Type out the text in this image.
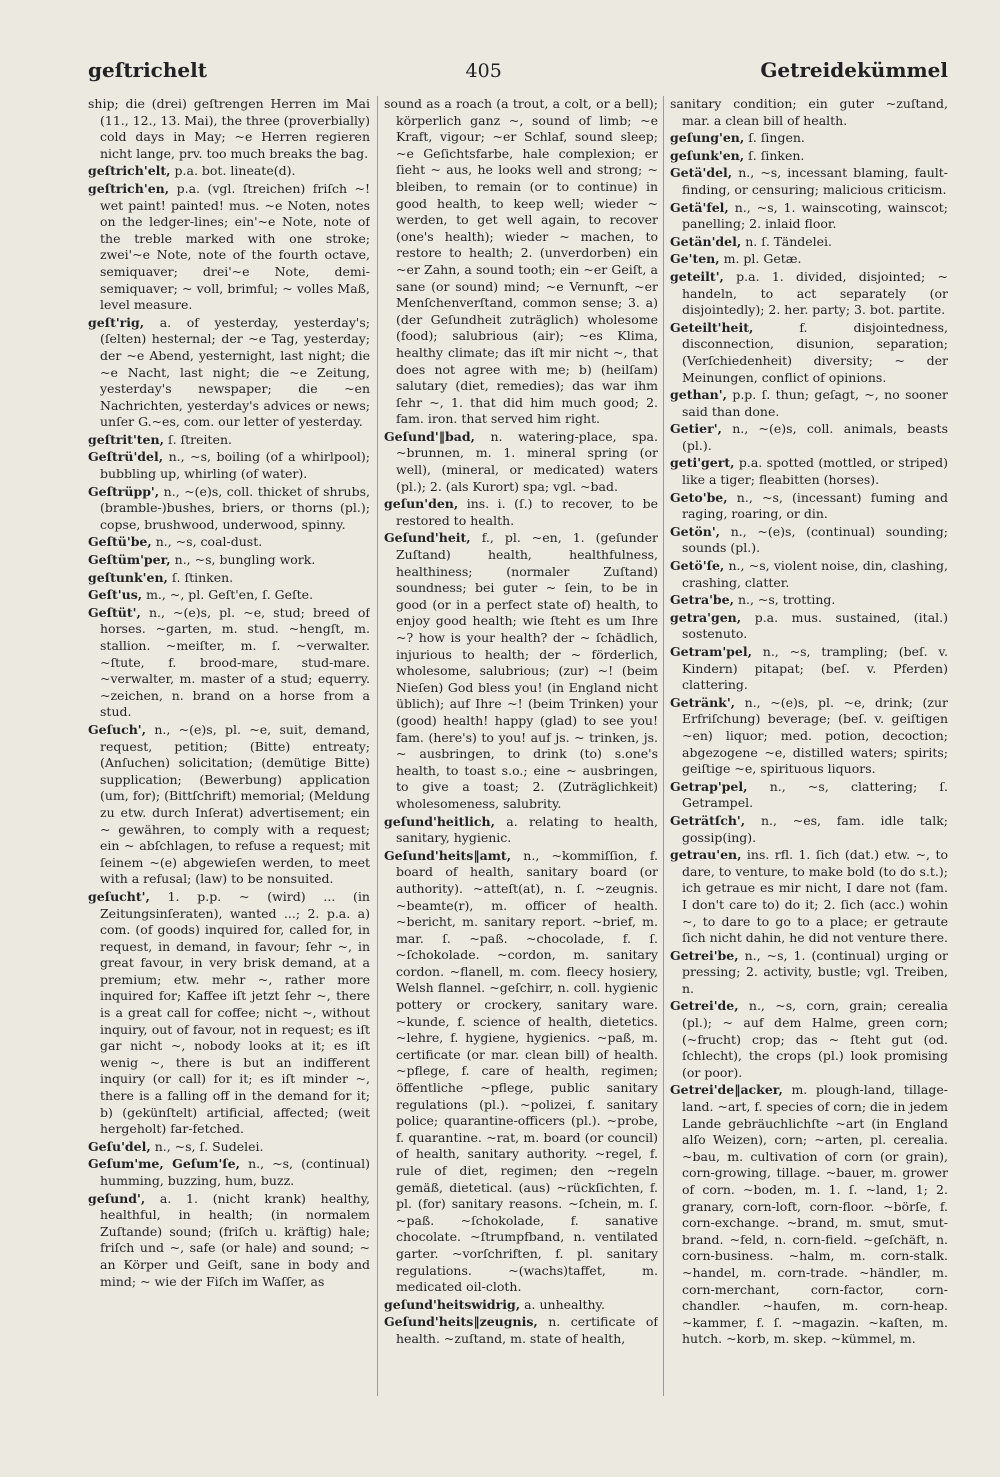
geſtrichelt	405	Getreidekümmel

ship; die (drei) geſtrengen Herren im Mai (11., 12., 13. Mai), the three (proverbially) cold days in May; ~e Herren regieren nicht lange, prv. too much breaks the bag.

geſtrich'elt, p.a. bot. lineate(d).

geſtrich'en, p.a. (vgl. ſtreichen) friſch ~! wet paint! painted! mus. ~e Noten, notes on the ledger-lines; ein'~e Note, note of the treble marked with one stroke; zwei'~e Note, note of the fourth octave, semiquaver; drei'~e Note, demi-semiquaver; ~ voll, brimful; ~ volles Maß, level measure.

geſt'rig, a. of yesterday, yesterday's; (ſelten) hesternal; der ~e Tag, yesterday; der ~e Abend, yesternight, last night; die ~e Nacht, last night; die ~e Zeitung, yesterday's newspaper; die ~en Nachrichten, yesterday's advices or news; unſer G.~es, com. our letter of yesterday.

geſtrit'ten, ſ. ſtreiten.

Geſtrü'del, n., ~s, boiling (of a whirlpool); bubbling up, whirling (of water).

Geſtrüpp', n., ~(e)s, coll. thicket of shrubs, (bramble-)bushes, briers, or thorns (pl.); copse, brushwood, underwood, spinny.

Geſtü'be, n., ~s, coal-dust.

Geſtüm'per, n., ~s, bungling work.

geſtunk'en, ſ. ſtinken.

Geſt'us, m., ~, pl. Geſt'en, ſ. Geſte.

Geſtüt', n., ~(e)s, pl. ~e, stud; breed of horses. ~garten, m. stud. ~hengſt, m. stallion. ~meiſter, m. ſ. ~verwalter. ~ſtute, f. brood-mare, stud-mare. ~verwalter, m. master of a stud; equerry. ~zeichen, n. brand on a horse from a stud.

Geſuch', n., ~(e)s, pl. ~e, suit, demand, request, petition; (Bitte) entreaty; (Anſuchen) solicitation; (demütige Bitte) supplication; (Bewerbung) application (um, for); (Bittſchrift) memorial; (Meldung zu etw. durch Inſerat) advertisement; ein ~ gewähren, to comply with a request; ein ~ abſchlagen, to refuse a request; mit ſeinem ~(e) abgewieſen werden, to meet with a refusal; (law) to be nonsuited.

geſucht', 1. p.p. ~ (wird) ... (in Zeitungsinſeraten), wanted ...; 2. p.a. a) com. (of goods) inquired for, called for, in request, in demand, in favour; ſehr ~, in great favour, in very brisk demand, at a premium; etw. mehr ~, rather more inquired for; Kaffee iſt jetzt ſehr ~, there is a great call for coffee; nicht ~, without inquiry, out of favour, not in request; es iſt gar nicht ~, nobody looks at it; es iſt wenig ~, there is but an indifferent inquiry (or call) for it; es iſt minder ~, there is a falling off in the demand for it; b) (gekünſtelt) artificial, affected; (weit hergeholt) far-fetched.

Geſu'del, n., ~s, ſ. Sudelei.

Geſum'me, Geſum'ſe, n., ~s, (continual) humming, buzzing, hum, buzz.

geſund', a. 1. (nicht krank) healthy, healthful, in health; (in normalem Zuſtande) sound; (friſch u. kräftig) hale; friſch und ~, safe (or hale) and sound; ~ an Körper und Geiſt, sane in body and mind; ~ wie der Fiſch im Waſſer, as

sound as a roach (a trout, a colt, or a bell); körperlich ganz ~, sound of limb; ~e Kraft, vigour; ~er Schlaf, sound sleep; ~e Geſichtsfarbe, hale complexion; er ſieht ~ aus, he looks well and strong; ~ bleiben, to remain (or to continue) in good health, to keep well; wieder ~ werden, to get well again, to recover (one's health); wieder ~ machen, to restore to health; 2. (unverdorben) ein ~er Zahn, a sound tooth; ein ~er Geiſt, a sane (or sound) mind; ~e Vernunft, ~er Menſchenverſtand, common sense; 3. a) (der Geſundheit zuträglich) wholesome (food); salubrious (air); ~es Klima, healthy climate; das iſt mir nicht ~, that does not agree with me; b) (heilſam) salutary (diet, remedies); das war ihm ſehr ~, 1. that did him much good; 2. fam. iron. that served him right.

Geſund'‖bad, n. watering-place, spa. ~brunnen, m. 1. mineral spring (or well), (mineral, or medicated) waters (pl.); 2. (als Kurort) spa; vgl. ~bad.

geſun'den, ins. i. (ſ.) to recover, to be restored to health.

Geſund'heit, f., pl. ~en, 1. (geſunder Zuſtand) health, healthfulness, healthiness; (normaler Zuſtand) soundness; bei guter ~ ſein, to be in good (or in a perfect state of) health, to enjoy good health; wie ſteht es um Ihre ~? how is your health? der ~ ſchädlich, injurious to health; der ~ förderlich, wholesome, salubrious; (zur) ~! (beim Nieſen) God bless you! (in England nicht üblich); auf Ihre ~! (beim Trinken) your (good) health! happy (glad) to see you! fam. (here's) to you! auf js. ~ trinken, js. ~ ausbringen, to drink (to) s.one's health, to toast s.o.; eine ~ ausbringen, to give a toast; 2. (Zuträglichkeit) wholesomeness, salubrity.

geſund'heitlich, a. relating to health, sanitary, hygienic.

Geſund'heits‖amt, n., ~kommiſſion, f. board of health, sanitary board (or authority). ~atteſt(at), n. ſ. ~zeugnis. ~beamte(r), m. officer of health. ~bericht, m. sanitary report. ~brief, m. mar. ſ. ~paß. ~chocolade, f. ſ. ~ſchokolade. ~cordon, m. sanitary cordon. ~flanell, m. com. fleecy hosiery, Welsh flannel. ~geſchirr, n. coll. hygienic pottery or crockery, sanitary ware. ~kunde, f. science of health, dietetics. ~lehre, f. hygiene, hygienics. ~paß, m. certificate (or mar. clean bill) of health. ~pflege, f. care of health, regimen; öffentliche ~pflege, public sanitary regulations (pl.). ~polizei, f. sanitary police; quarantine-officers (pl.). ~probe, f. quarantine. ~rat, m. board (or council) of health, sanitary authority. ~regel, f. rule of diet, regimen; den ~regeln gemäß, dietetical. (aus) ~rückſichten, f. pl. (for) sanitary reasons. ~ſchein, m. ſ. ~paß. ~ſchokolade, f. sanative chocolate. ~ſtrumpfband, n. ventilated garter. ~vorſchriften, f. pl. sanitary regulations. ~(wachs)taffet, m. medicated oil-cloth.

geſund'heitswidrig, a. unhealthy.

Geſund'heits‖zeugnis, n. certificate of health. ~zuſtand, m. state of health,

sanitary condition; ein guter ~zuſtand, mar. a clean bill of health.

geſung'en, ſ. ſingen.

geſunk'en, ſ. ſinken.

Getä'del, n., ~s, incessant blaming, fault-finding, or censuring; malicious criticism.

Getä'fel, n., ~s, 1. wainscoting, wainscot; panelling; 2. inlaid floor.

Getän'del, n. ſ. Tändelei.

Ge'ten, m. pl. Getæ.

geteilt', p.a. 1. divided, disjointed; ~ handeln, to act separately (or disjointedly); 2. her. party; 3. bot. partite.

Geteilt'heit,	f. disjointedness, disconnection, disunion, separation; (Verſchiedenheit) diversity; ~ der Meinungen, conflict of opinions.

gethan', p.p. ſ. thun; geſagt, ~, no sooner said than done.

Getier', n., ~(e)s, coll. animals, beasts (pl.).

geti'gert, p.a. spotted (mottled, or striped) like a tiger; fleabitten (horses).

Geto'be, n., ~s, (incessant) fuming and raging, roaring, or din.

Getön', n., ~(e)s, (continual) sounding; sounds (pl.).

Getö'ſe, n., ~s, violent noise, din, clashing, crashing, clatter.

Getra'be, n., ~s, trotting.

getra'gen, p.a. mus. sustained, (ital.) sostenuto.

Getram'pel, n., ~s, trampling; (beſ. v. Kindern) pitapat; (beſ. v. Pferden) clattering.

Getränk', n., ~(e)s, pl. ~e, drink; (zur Erfriſchung) beverage; (beſ. v. geiſtigen ~en) liquor; med. potion, decoction; abgezogene ~e, distilled waters; spirits; geiſtige ~e, spirituous liquors.

Getrap'pel, n., ~s, clattering; ſ. Getrampel.

Geträtſch', n., ~es, fam. idle talk; gossip(ing).

getrau'en, ins. rfl. 1. ſich (dat.) etw. ~, to dare, to venture, to make bold (to do s.t.); ich getraue es mir nicht, I dare not (fam. I don't care to) do it; 2. ſich (acc.) wohin ~, to dare to go to a place; er getraute ſich nicht dahin, he did not venture there.

Getrei'be, n., ~s, 1. (continual) urging or pressing; 2. activity, bustle; vgl. Treiben, n.

Getrei'de, n., ~s, corn, grain; cerealia (pl.); ~ auf dem Halme, green corn; (~frucht) crop; das ~ ſteht gut (od. ſchlecht), the crops (pl.) look promising (or poor).

Getrei'de‖acker, m. plough-land, tillage-land. ~art, f. species of corn; die in jedem Lande gebräuchlichſte ~art (in England alſo Weizen), corn; ~arten, pl. cerealia. ~bau, m. cultivation of corn (or grain), corn-growing, tillage. ~bauer, m. grower of corn. ~boden, m. 1. ſ. ~land, 1; 2. granary, corn-loft, corn-floor. ~börſe, f. corn-exchange. ~brand, m. smut, smut-brand. ~feld, n. corn-field. ~geſchäft, n. corn-business. ~halm, m. corn-stalk. ~handel, m. corn-trade. ~händler, m. corn-merchant, corn-factor, corn-chandler. ~haufen, m. corn-heap. ~kammer, f. ſ. ~magazin. ~kaſten, m. hutch. ~korb, m. skep. ~kümmel, m.
